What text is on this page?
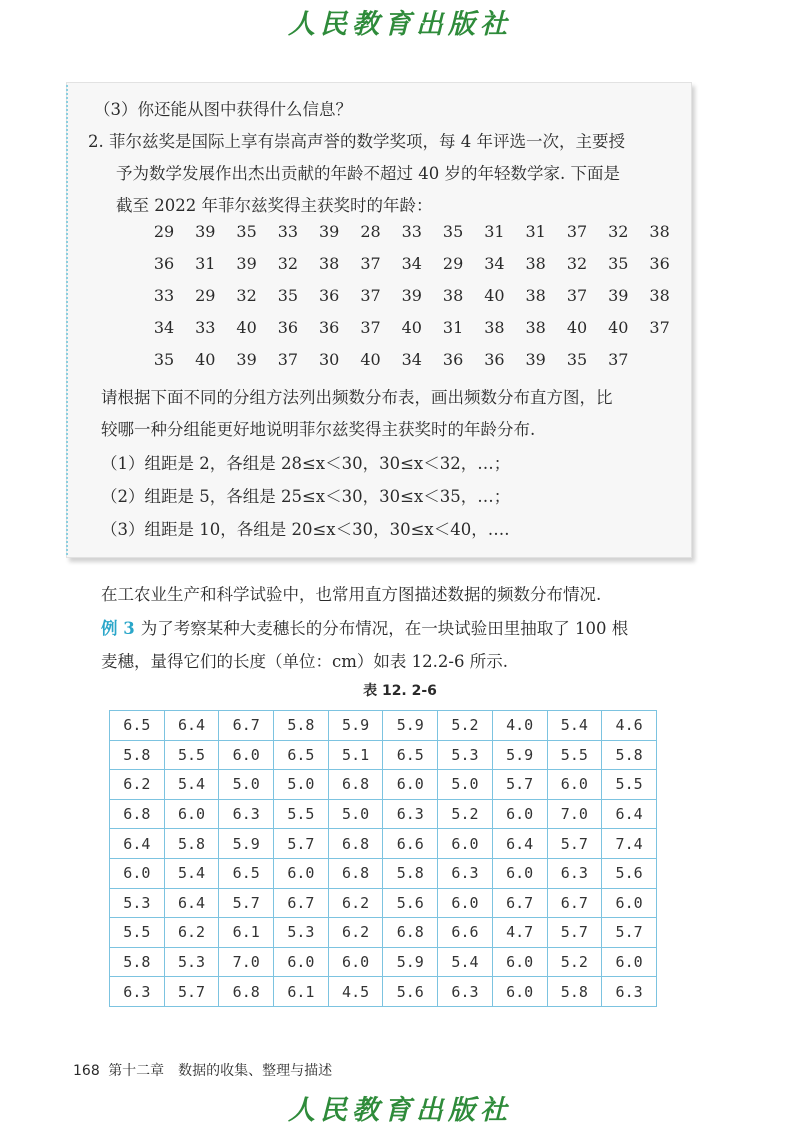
人民教育出版社
（3）你还能从图中获得什么信息？
2. 菲尔兹奖是国际上享有崇高声誉的数学奖项，每 4 年评选一次，主要授
予为数学发展作出杰出贡献的年龄不超过 40 岁的年轻数学家. 下面是
截至 2022 年菲尔兹奖得主获奖时的年龄：
29	39	35	33	39	28	33	35	31	31	37	32	38
36	31	39	32	38	37	34	29	34	38	32	35	36
33	29	32	35	36	37	39	38	40	38	37	39	38
34	33	40	36	36	37	40	31	38	38	40	40	37
35	40	39	37	30	40	34	36	36	39	35	37
请根据下面不同的分组方法列出频数分布表，画出频数分布直方图，比
较哪一种分组能更好地说明菲尔兹奖得主获奖时的年龄分布.
（1）组距是 2，各组是 28≤x＜30，30≤x＜32，…；
（2）组距是 5，各组是 25≤x＜30，30≤x＜35，…；
（3）组距是 10，各组是 20≤x＜30，30≤x＜40，….
在工农业生产和科学试验中，也常用直方图描述数据的频数分布情况.
例 3 为了考察某种大麦穗长的分布情况，在一块试验田里抽取了 100 根
麦穗，量得它们的长度（单位：cm）如表 12.2-6 所示.
表 12. 2-6
6.5	6.4	6.7	5.8	5.9	5.9	5.2	4.0	5.4	4.6
5.8	5.5	6.0	6.5	5.1	6.5	5.3	5.9	5.5	5.8
6.2	5.4	5.0	5.0	6.8	6.0	5.0	5.7	6.0	5.5
6.8	6.0	6.3	5.5	5.0	6.3	5.2	6.0	7.0	6.4
6.4	5.8	5.9	5.7	6.8	6.6	6.0	6.4	5.7	7.4
6.0	5.4	6.5	6.0	6.8	5.8	6.3	6.0	6.3	5.6
5.3	6.4	5.7	6.7	6.2	5.6	6.0	6.7	6.7	6.0
5.5	6.2	6.1	5.3	6.2	6.8	6.6	4.7	5.7	5.7
5.8	5.3	7.0	6.0	6.0	5.9	5.4	6.0	5.2	6.0
6.3	5.7	6.8	6.1	4.5	5.6	6.3	6.0	5.8	6.3
168 第十二章　数据的收集、整理与描述
人民教育出版社
